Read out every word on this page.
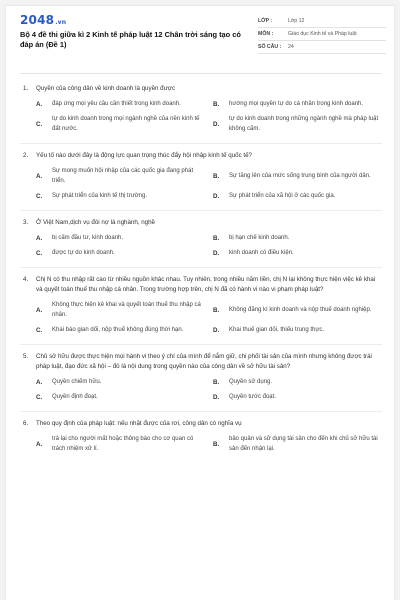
2048.vn
Bộ 4 đề thi giữa kì 2 Kinh tế pháp luật 12 Chân trời sáng tạo có đáp án (Đề 1)
LỚP :	Lớp 12
MÔN :	Giáo dục Kinh tế và Pháp luật
SỐ CÂU :	24
1.	Quyền của công dân về kinh doanh là quyền được
A.	đáp ứng mọi yêu cầu cần thiết trong kinh doanh.	B.	hướng mọi quyền tự do cá nhân trong kinh doanh.
C.
tự do kinh doanh trong mọi ngành nghề của nền kinh tế đất nước.
D.
tự do kinh doanh trong những ngành nghề mà pháp luật không cấm.
2.	Yếu tố nào dưới đây là động lực quan trọng thúc đẩy hội nhập kinh tế quốc tế?
A.
Sự mong muốn hội nhập của các quốc gia đang phát triển.
B.	Sự tăng lên của mức sống trung bình của người dân.
C.	Sự phát triển của kinh tế thị trường.	D.	Sự phát triển của xã hội ở các quốc gia.
3.	Ở Việt Nam,dịch vụ đòi nợ là nghành, nghề
A.	bị cấm đầu tư, kinh doanh.	B.	bị hạn chế kinh doanh.
C.	được tự do kinh doanh.	D.	kinh doanh có điều kiện.
4.	Chị N có thu nhập rất cao từ nhiều nguồn khác nhau. Tuy nhiên, trong nhiều năm liền, chị N lại không thực hiện việc kê khai và quyết toán thuế thu nhập cá nhân. Trong trường hợp trên, chị N đã có hành vi nào vi phạm pháp luật?
A.
Không thực hiện kê khai và quyết toán thuế thu nhập cá nhân.
B.	Không đăng kí kinh doanh và nộp thuế doanh nghiệp.
C.	Khai báo gian dối, nộp thuế không đúng thời hạn.	D.	Khai thuế gian dối, thiếu trung thực.
5.	Chủ sở hữu được thực hiện mọi hành vi theo ý chí của mình để nắm giữ, chi phối tài sản của mình nhưng không được trái pháp luật, đạo đức xã hội – đó là nội dung trong quyền nào của công dân về sở hữu tài sản?
A.	Quyền chiếm hữu.	B.	Quyền sử dụng.
C.	Quyền định đoạt.	D.	Quyền tước đoạt.
6.	Theo quy định của pháp luật: nếu nhặt được của rơi, công dân có nghĩa vụ
A.
trả lại cho người mất hoặc thông báo cho cơ quan có trách nhiệm xử lí.
B.
bảo quản và sử dụng tài sản cho đến khi chủ sở hữu tài sản đến nhận lại.
